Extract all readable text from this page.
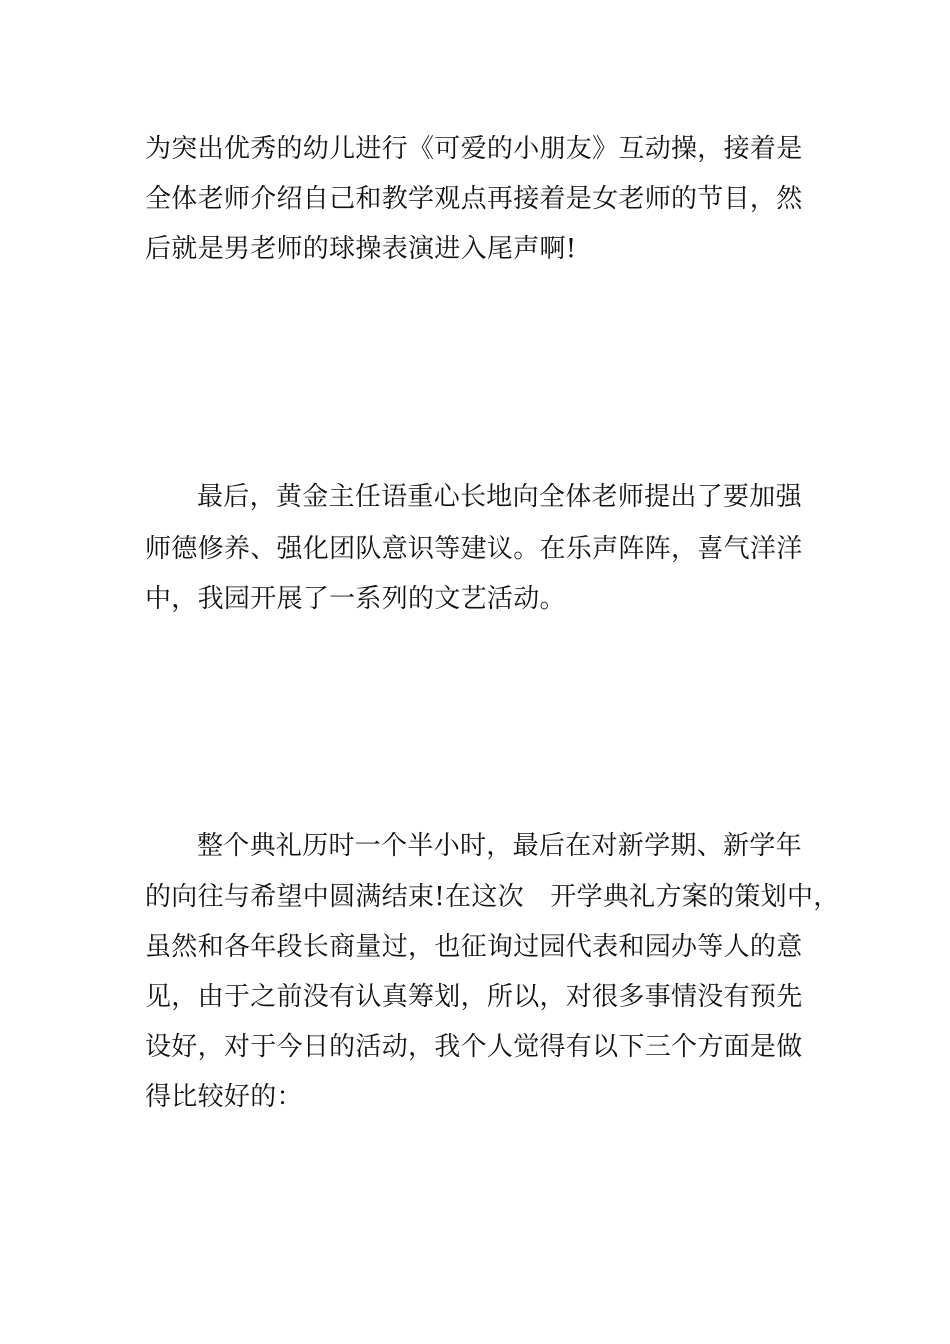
为突出优秀的幼儿进行《可爱的小朋友》互动操，接着是
全体老师介绍自己和教学观点再接着是女老师的节目，然
后就是男老师的球操表演进入尾声啊!
最后，黄金主任语重心长地向全体老师提出了要加强
师德修养、强化团队意识等建议。在乐声阵阵，喜气洋洋
中，我园开展了一系列的文艺活动。
整个典礼历时一个半小时，最后在对新学期、新学年
的向往与希望中圆满结束!在这次　开学典礼方案的策划中，
虽然和各年段长商量过，也征询过园代表和园办等人的意
见，由于之前没有认真筹划，所以，对很多事情没有预先
设好，对于今日的活动，我个人觉得有以下三个方面是做
得比较好的：
